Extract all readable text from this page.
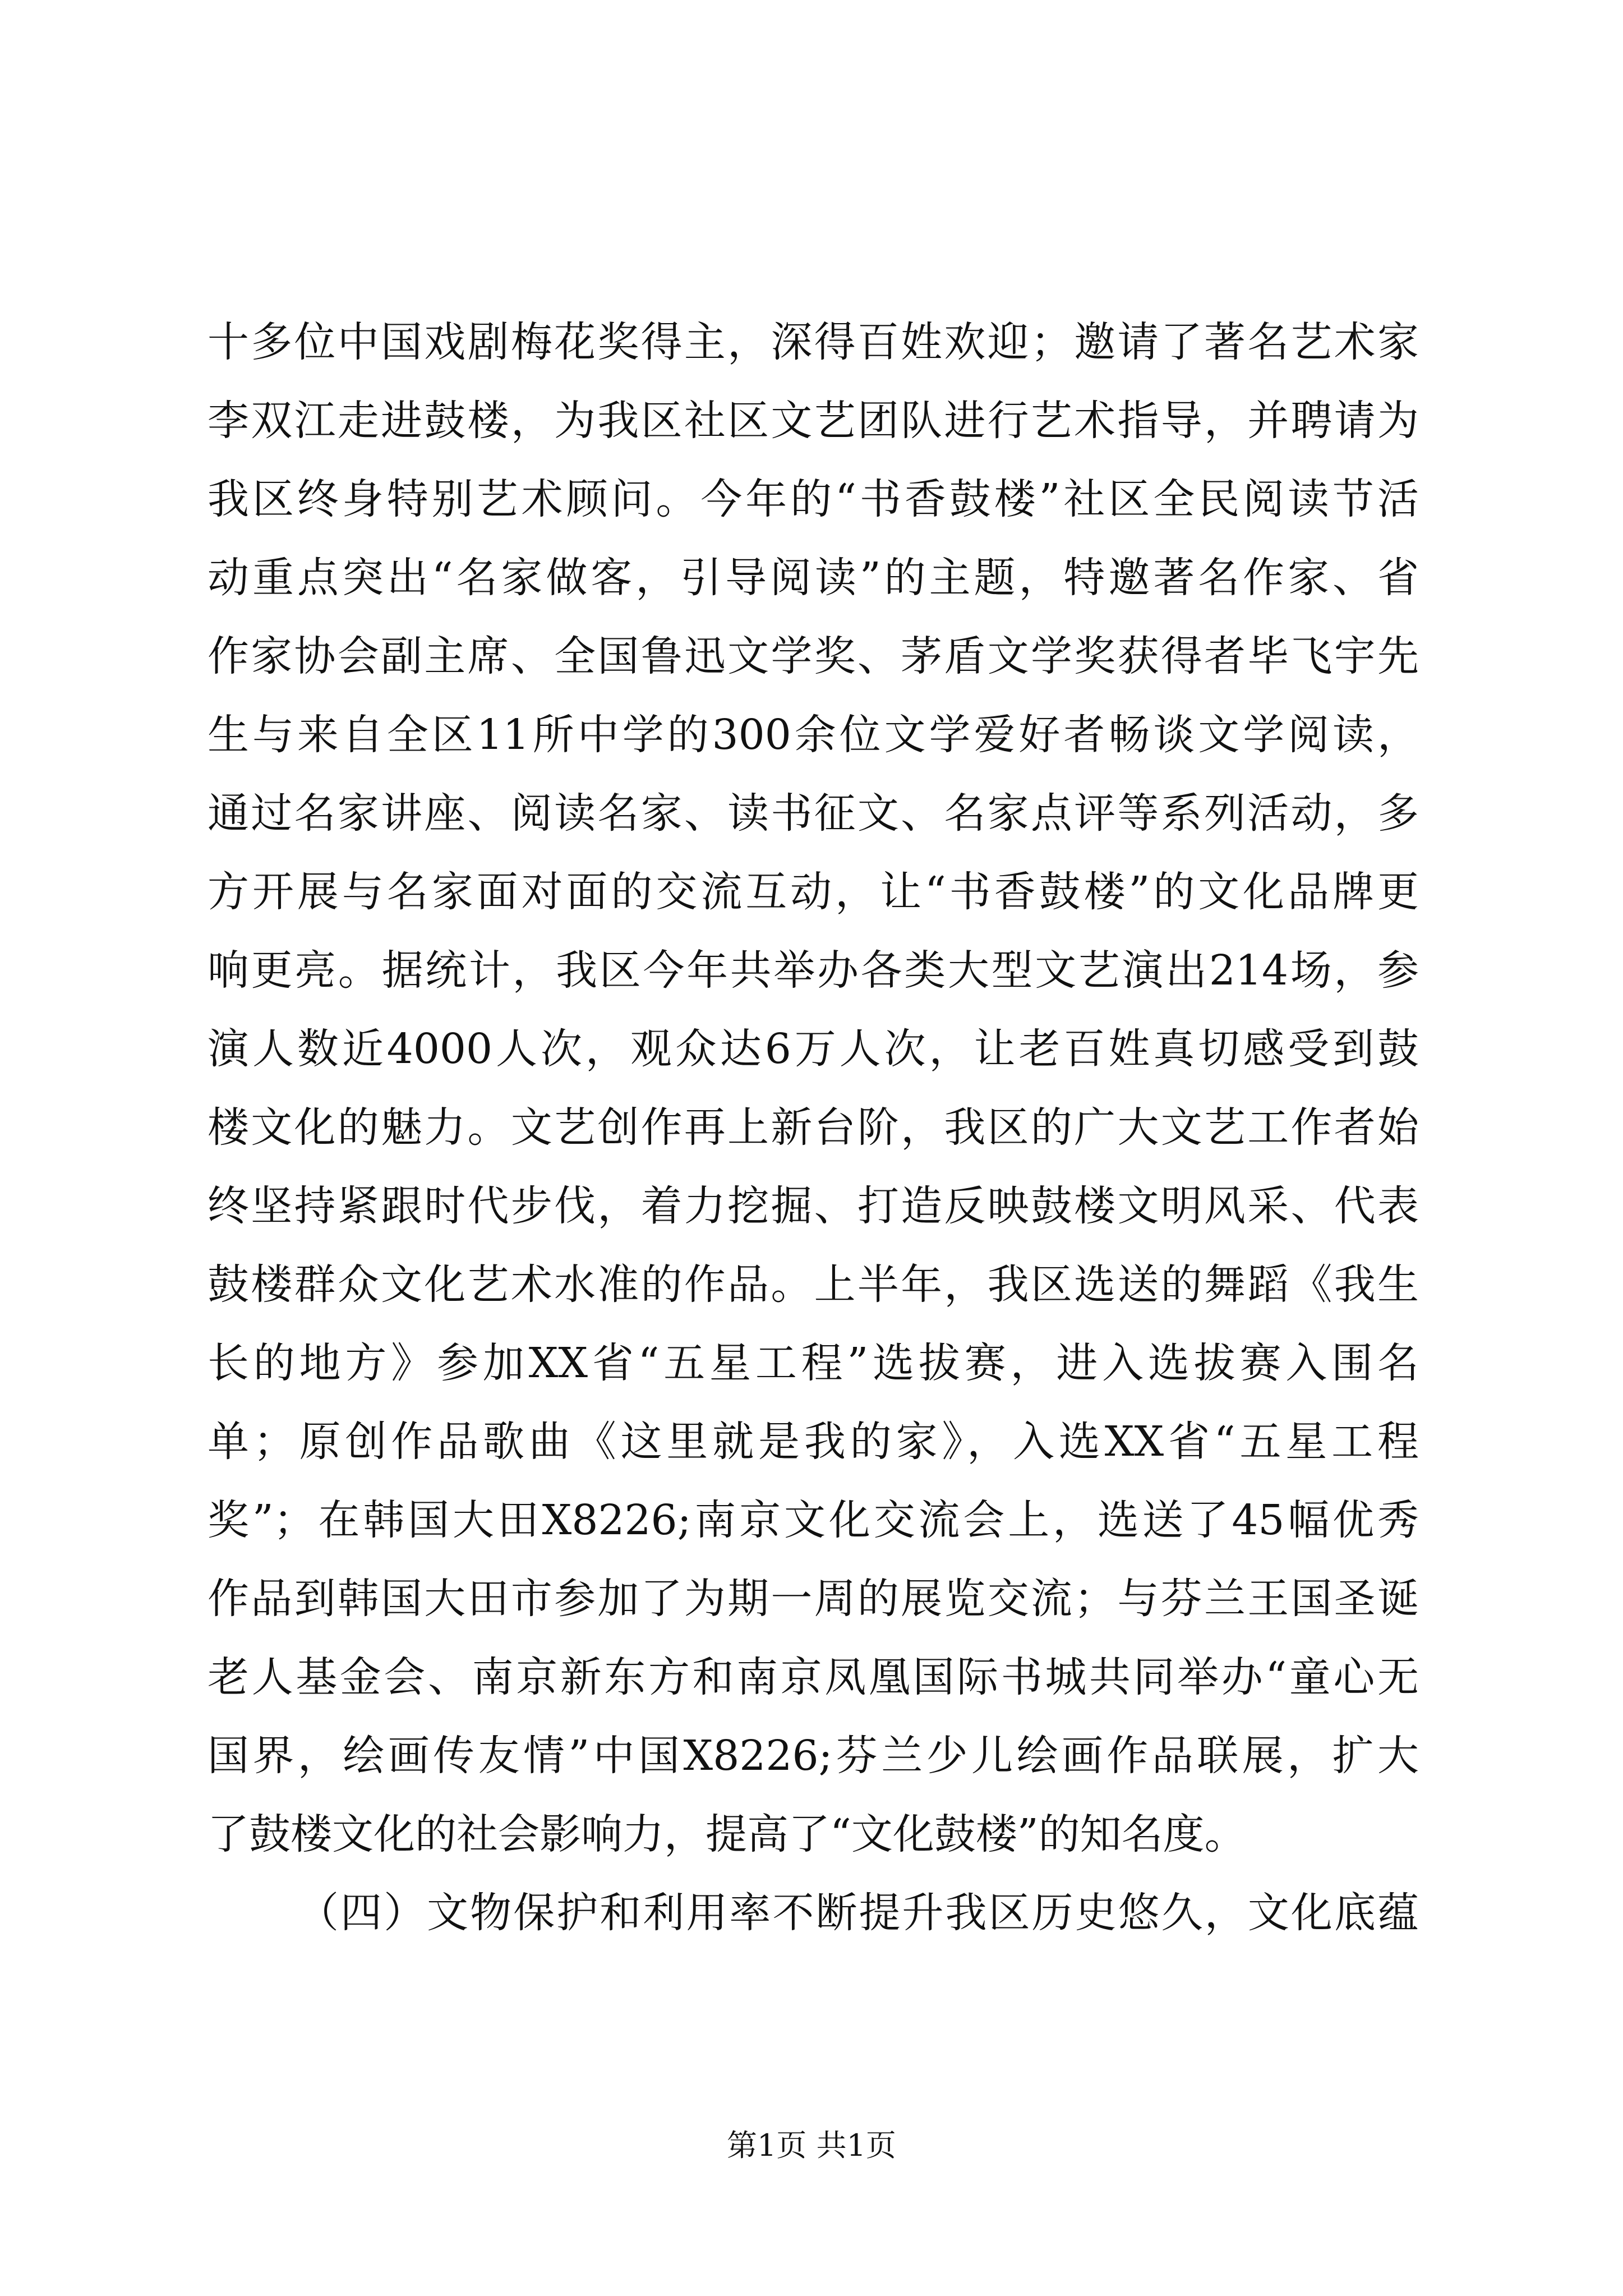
十多位中国戏剧梅花奖得主，深得百姓欢迎；邀请了著名艺术家
李双江走进鼓楼，为我区社区文艺团队进行艺术指导，并聘请为
我区终身特别艺术顾问。今年的“书香鼓楼”社区全民阅读节活
动重点突出“名家做客，引导阅读”的主题，特邀著名作家、省
作家协会副主席、全国鲁迅文学奖、茅盾文学奖获得者毕飞宇先
生与来自全区11所中学的300余位文学爱好者畅谈文学阅读，
通过名家讲座、阅读名家、读书征文、名家点评等系列活动，多
方开展与名家面对面的交流互动，让“书香鼓楼”的文化品牌更
响更亮。据统计，我区今年共举办各类大型文艺演出214场，参
演人数近4000人次，观众达6万人次，让老百姓真切感受到鼓
楼文化的魅力。文艺创作再上新台阶，我区的广大文艺工作者始
终坚持紧跟时代步伐，着力挖掘、打造反映鼓楼文明风采、代表
鼓楼群众文化艺术水准的作品。上半年，我区选送的舞蹈《我生
长的地方》参加XX省“五星工程”选拔赛，进入选拔赛入围名
单；原创作品歌曲《这里就是我的家》，入选XX省“五星工程
奖”；在韩国大田X8226;南京文化交流会上，选送了45幅优秀
作品到韩国大田市参加了为期一周的展览交流；与芬兰王国圣诞
老人基金会、南京新东方和南京凤凰国际书城共同举办“童心无
国界，绘画传友情”中国X8226;芬兰少儿绘画作品联展，扩大
了鼓楼文化的社会影响力，提高了“文化鼓楼”的知名度。
（四）文物保护和利用率不断提升我区历史悠久，文化底蕴
第1页 共1页
